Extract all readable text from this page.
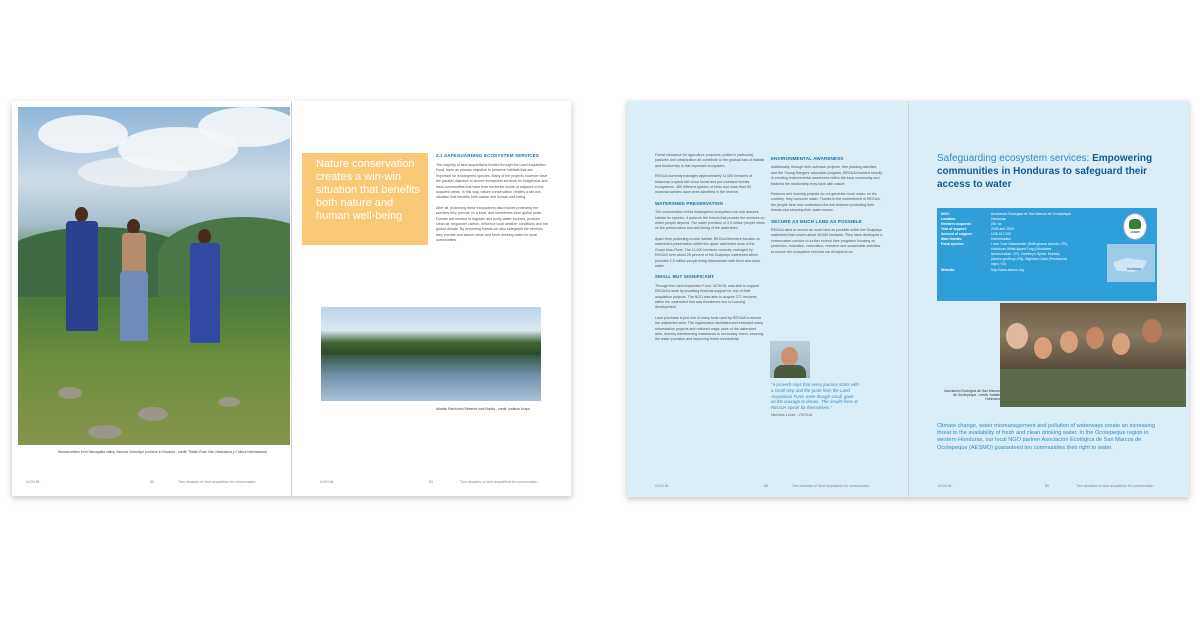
Woman elders from Yancapaita valley, Zamora Chinchipe province in Ecuador - credit: Tristan Ross Vila, Naturaleza y Cultura Internacional
Nature conservation creates a win-win situation that benefits both nature and human well-being
2.1 SAFEGUARDING ECOSYSTEM SERVICES

The majority of land acquisitions funded through the Land Acquisition Fund, have as primary objective to preserve habitats that are important for endangered species. Many of the projects however have the parallel objective to secure ecosystem services for indigenous and local communities that have their territories inside or adjacent to the acquired areas. In this way, nature conservation creates a win-win situation that benefits both nature and human well-being.

After all, protecting these ecosystems also implies protecting the services they provide on a local, and sometimes even global scale. Forests are needed to regulate and purify water sources, produce clean air, sequester carbon, influence local weather conditions and the global climate. By protecting forests we also safeguard the services they provide and assure clean and fresh drinking water for local communities.

Atlantic Rainforest Reserve tumi Bonita - credit: Instituto Urapu
IUCN NL	82	Two decades of land acquisition for conservation	IUCN NL	83	Two decades of land acquisition for conservation

Forest clearance for agriculture purposes (coffee in particular), pastures and urbanization all contribute to the gradual loss of habitat and biodiversity in this important ecosystem.

REGUA currently manages approximately 11,000 hectares of seasonal, tropical wet cloud forest and pre-montane forests ecosystems. 485 different species of birds and more than 50 mammal species have been identified in the reserve.

WATERSHED PRESERVATION

The conservation of this endangered ecosystem not only assures habitat for species, it protects the forests that provide the services on which people depend. The water provision of 2.5 million people relies on the preservation and well-being of the watershed.

Apart from protecting crucial habitat, REGUA therefore focuses on watershed preservation within the upper catchment area of the Guapi Assu River. The 11,000 hectares currently managed by REGUA form about 25 percent of the Guapiaçu watershed which provides 2.5 million people living downstream with fresh and clean water.

SMALL BUT SIGNIFICANT

Through the Land Acquisition Fund, IUCN NL was able to support REGUA's work by providing financial support for one of their acquisition projects. The NGO was able to acquire 271 hectares within the watershed that was threatened due to housing development.

Land purchase is just one of many tools used by REGUA to secure the watershed area. The organization facilitated and executed many reforestation projects and restored major parts of the watershed area, thereby transforming wastelands to secondary forest, securing the water provision and improving forest connectivity.

ENVIRONMENTAL AWARENESS

Additionally, through their outreach projects, tree planting activities and the 'Young Rangers' education program, REGUA invested heavily in creating environmental awareness within the local community and fostered the relationship they have with nature.

Pastures and housing projects do not generate much water, on the contrary, they consume water. Thanks to the commitment of REGUA, the people here now understand the link between protecting their forests and securing their water source.

SECURE AS MUCH LAND AS POSSIBLE

REGUA aims to secure as much land as possible within the Guapiaçu watershed that covers about 45,000 hectares. They have developed a conservation corridor to further extend their programs focusing on protection, education, restoration, research and sustainable activities to ensure the ecosystem services we all depend on.

"A proverb says that every journey starts with a small step and the grant from the Land Acquisition Fund, even though small, gave us the courage to dream. The results here at REGUA speak for themselves."
Nicholas Locke – REGUA
Safeguarding ecosystem services: Empowering communities in Honduras to safeguard their access to water
NGO:	Asociación Ecológica de San Marcos de Ocotepeque
Location:	Honduras
Hectares acquired:	281 ha
Year of support:	2008 and 2019
Amount of support:	US$ 157,000
Main threats:	Deforestation
Focal species:	Lowe Toad Salamander (Bolitoglossa synoria; CR),
Honduran White-lipped Frog (Lithobates
ichneumidiae; CR), Geoffroy's Spider Monkey
(Ateles geoffroyi; EN), Highland Guan (Penelopina
nigra; VU)
Website:	http://www.aesmo.org
AESMO
Honduras
Asociación Ecológica de San Marcos de Ocotepeque - credit: Natalie Hohmann
Climate change, water mismanagement and pollution of waterways create an increasing threat to the availability of fresh and clean drinking water. In the Ocotepeque region in western Honduras, our local NGO partner Asociación Ecológica de San Marcos de Ocotepeque (AESMO) guaranteed ten communities their right to water.
IUCN NL	88	Two decades of land acquisition for conservation	IUCN NL	89	Two decades of land acquisition for conservation
